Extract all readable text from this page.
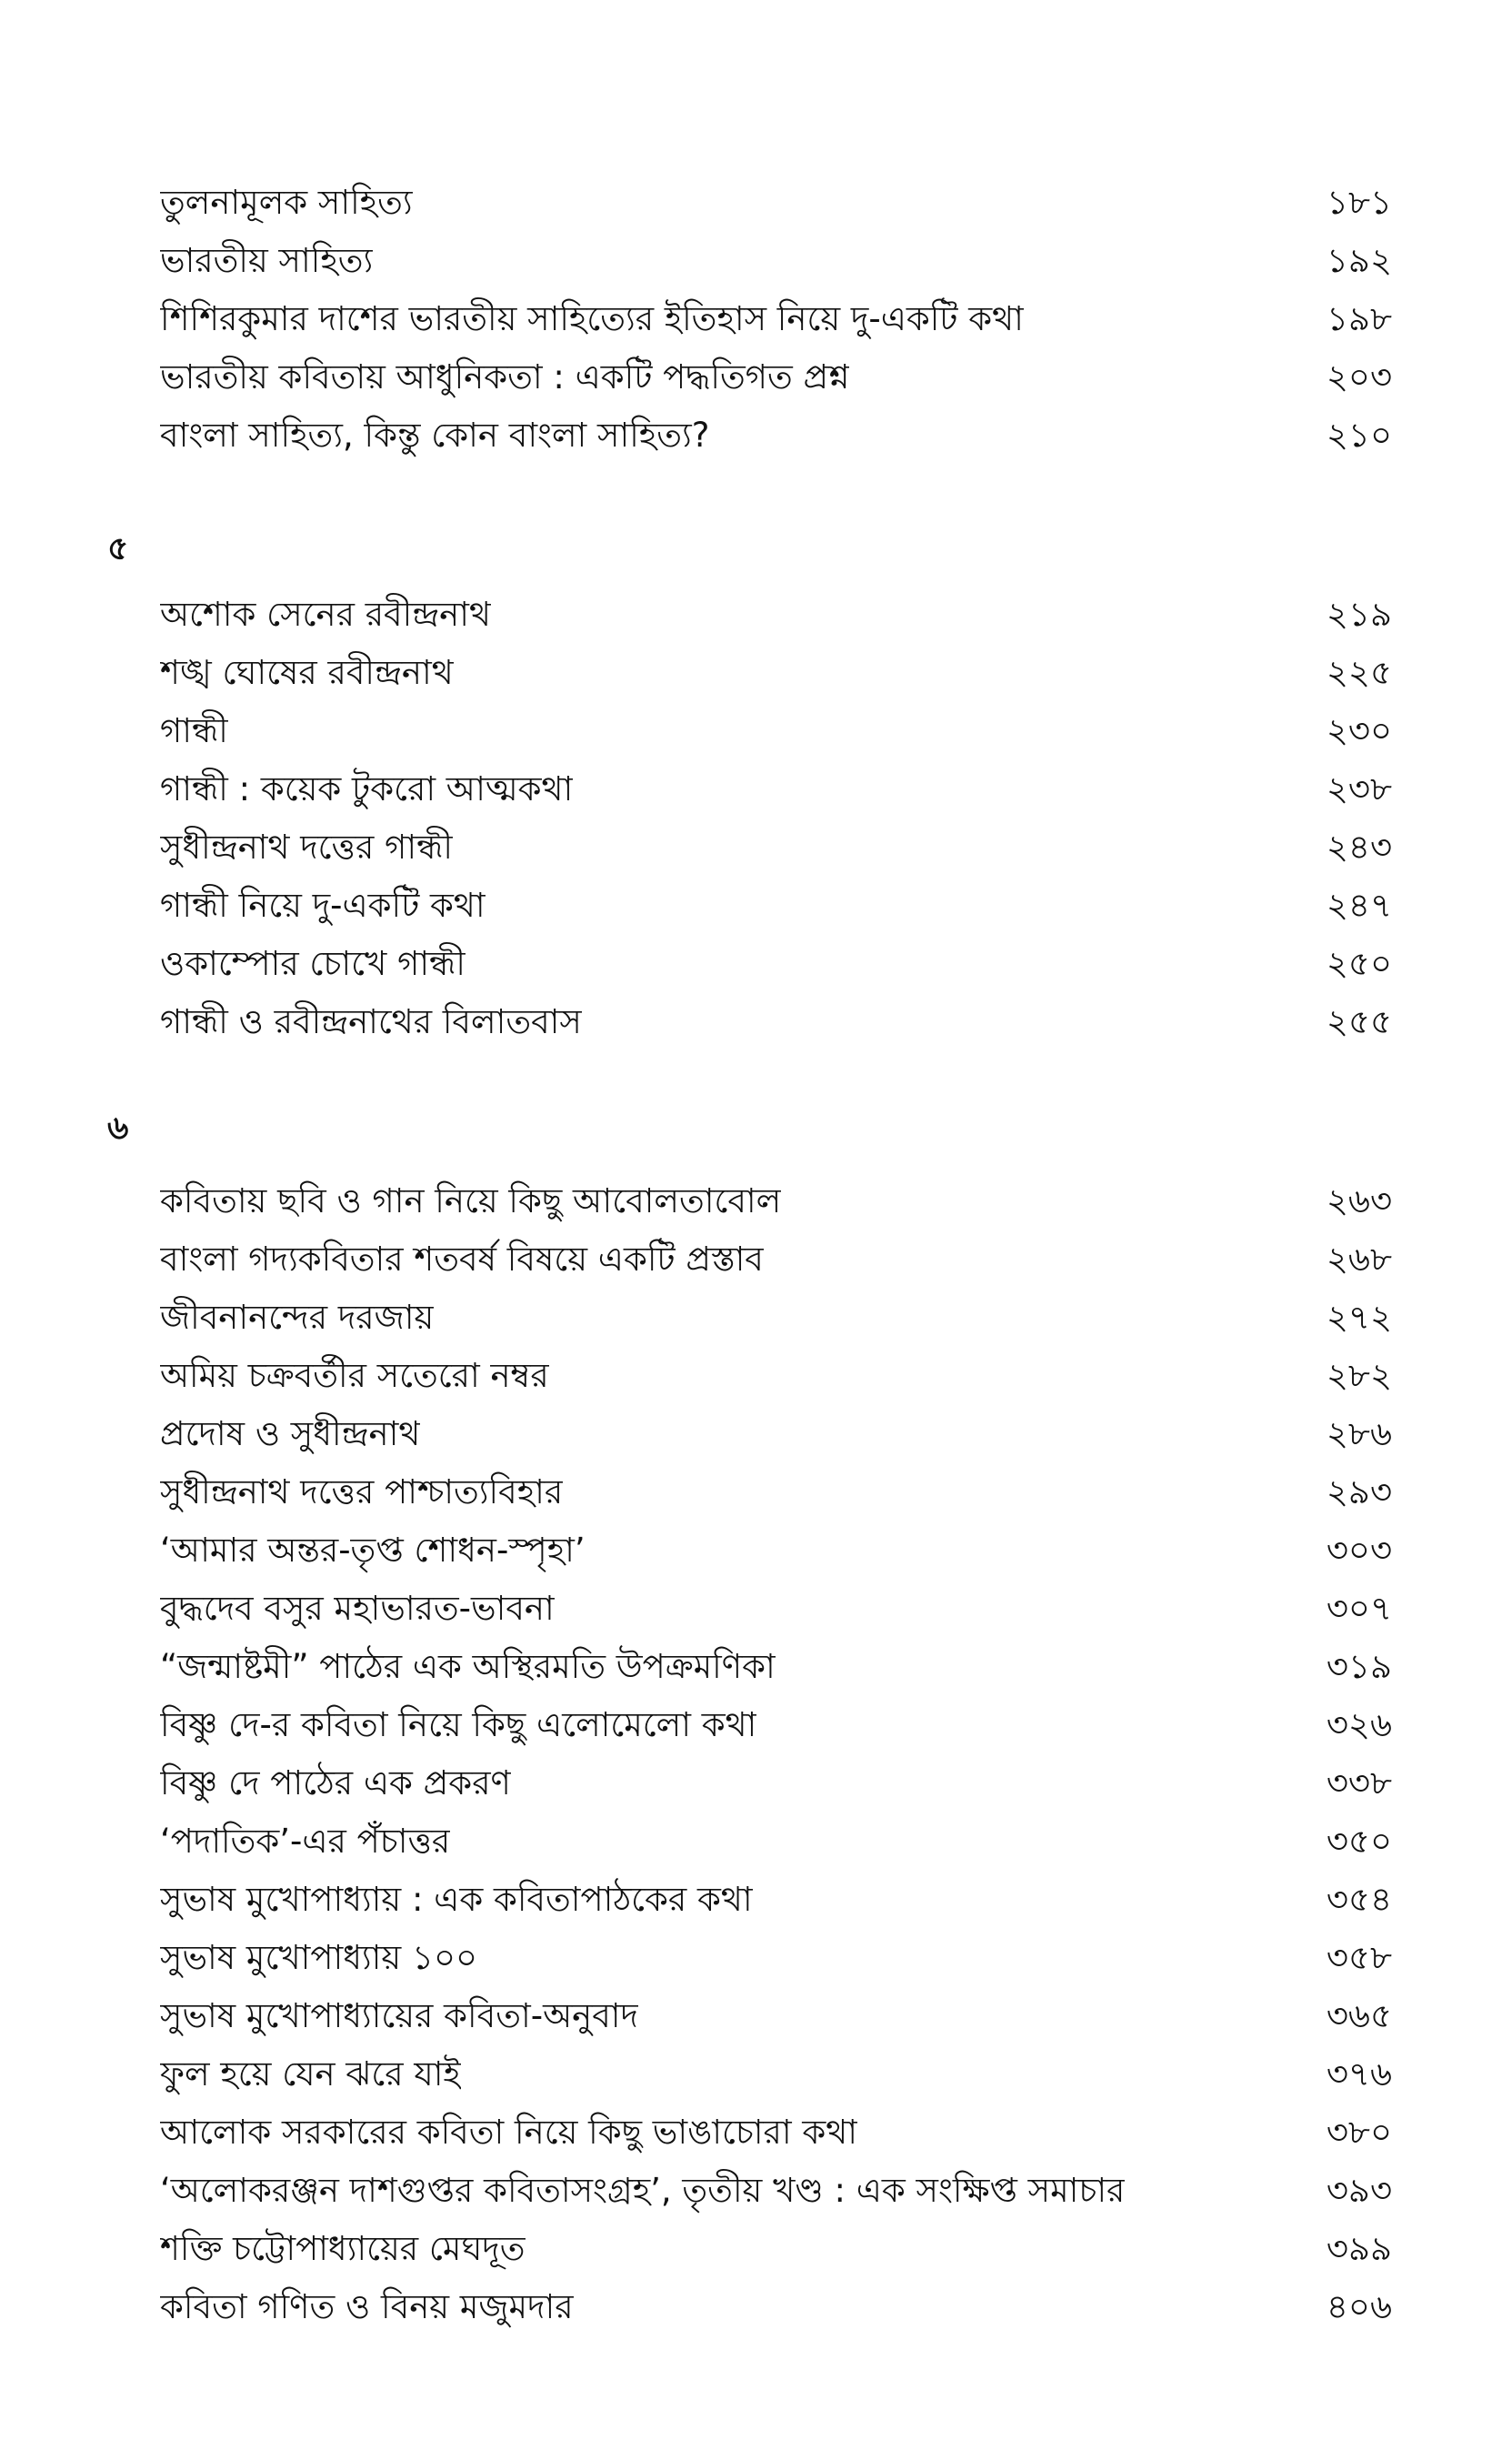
তুলনামূলক সাহিত্য	১৮১
ভারতীয় সাহিত্য	১৯২
শিশিরকুমার দাশের ভারতীয় সাহিত্যের ইতিহাস নিয়ে দু-একটি কথা	১৯৮
ভারতীয় কবিতায় আধুনিকতা : একটি পদ্ধতিগত প্রশ্ন	২০৩
বাংলা সাহিত্য, কিন্তু কোন বাংলা সাহিত্য?	২১০
৫
অশোক সেনের রবীন্দ্রনাথ	২১৯
শঙ্খ ঘোষের রবীন্দ্রনাথ	২২৫
গান্ধী	২৩০
গান্ধী : কয়েক টুকরো আত্মকথা	২৩৮
সুধীন্দ্রনাথ দত্তের গান্ধী	২৪৩
গান্ধী নিয়ে দু-একটি কথা	২৪৭
ওকাম্পোর চোখে গান্ধী	২৫০
গান্ধী ও রবীন্দ্রনাথের বিলাতবাস	২৫৫
৬
কবিতায় ছবি ও গান নিয়ে কিছু আবোলতাবোল	২৬৩
বাংলা গদ্যকবিতার শতবর্ষ বিষয়ে একটি প্রস্তাব	২৬৮
জীবনানন্দের দরজায়	২৭২
অমিয় চক্রবর্তীর সতেরো নম্বর	২৮২
প্রদোষ ও সুধীন্দ্রনাথ	২৮৬
সুধীন্দ্রনাথ দত্তের পাশ্চাত্যবিহার	২৯৩
‘আমার অন্তর-তৃপ্ত শোধন-স্পৃহা’	৩০৩
বুদ্ধদেব বসুর মহাভারত-ভাবনা	৩০৭
“জন্মাষ্টমী” পাঠের এক অস্থিরমতি উপক্রমণিকা	৩১৯
বিষ্ণু দে-র কবিতা নিয়ে কিছু এলোমেলো কথা	৩২৬
বিষ্ণু দে পাঠের এক প্রকরণ	৩৩৮
‘পদাতিক’-এর পঁচাত্তর	৩৫০
সুভাষ মুখোপাধ্যায় : এক কবিতাপাঠকের কথা	৩৫৪
সুভাষ মুখোপাধ্যায় ১০০	৩৫৮
সুভাষ মুখোপাধ্যায়ের কবিতা-অনুবাদ	৩৬৫
ফুল হয়ে যেন ঝরে যাই	৩৭৬
আলোক সরকারের কবিতা নিয়ে কিছু ভাঙাচোরা কথা	৩৮০
‘অলোকরঞ্জন দাশগুপ্তর কবিতাসংগ্রহ’, তৃতীয় খণ্ড : এক সংক্ষিপ্ত সমাচার	৩৯৩
শক্তি চট্টোপাধ্যায়ের মেঘদূত	৩৯৯
কবিতা গণিত ও বিনয় মজুমদার	৪০৬
